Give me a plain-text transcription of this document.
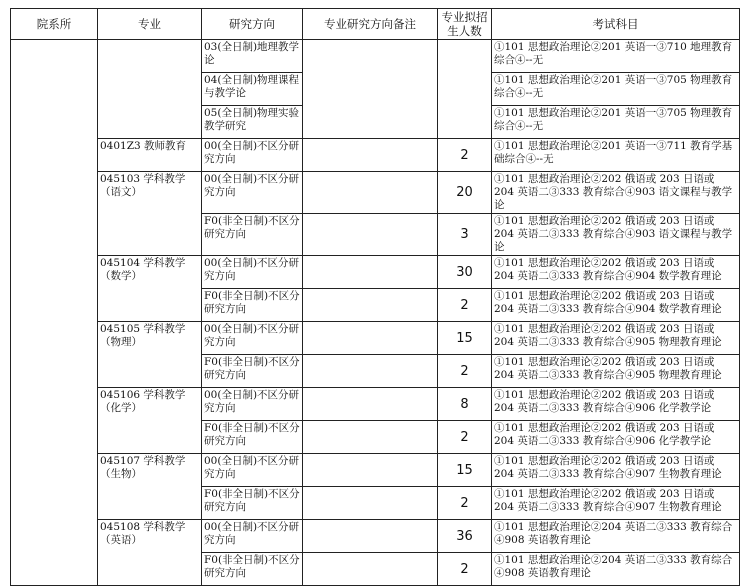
院系所	专业	研究方向	专业研究方向备注	专业拟招生人数	考试科目
		03(全日制)地理教学论			①101 思想政治理论②201 英语一③710 地理教育综合④--无
		04(全日制)物理课程与教学论			①101 思想政治理论②201 英语一③705 物理教育综合④--无
		05(全日制)物理实验教学研究			①101 思想政治理论②201 英语一③705 物理教育综合④--无
	0401Z3 教师教育	00(全日制)不区分研究方向		2	①101 思想政治理论②201 英语一③711 教育学基础综合④--无
	045103 学科教学（语文）	00(全日制)不区分研究方向		20	①101 思想政治理论②202 俄语或 203 日语或 204 英语二③333 教育综合④903 语文课程与教学论
		F0(非全日制)不区分研究方向		3	①101 思想政治理论②202 俄语或 203 日语或 204 英语二③333 教育综合④903 语文课程与教学论
	045104 学科教学（数学）	00(全日制)不区分研究方向		30	①101 思想政治理论②202 俄语或 203 日语或 204 英语二③333 教育综合④904 数学教育理论
		F0(非全日制)不区分研究方向		2	①101 思想政治理论②202 俄语或 203 日语或 204 英语二③333 教育综合④904 数学教育理论
	045105 学科教学（物理）	00(全日制)不区分研究方向		15	①101 思想政治理论②202 俄语或 203 日语或 204 英语二③333 教育综合④905 物理教育理论
		F0(非全日制)不区分研究方向		2	①101 思想政治理论②202 俄语或 203 日语或 204 英语二③333 教育综合④905 物理教育理论
	045106 学科教学（化学）	00(全日制)不区分研究方向		8	①101 思想政治理论②202 俄语或 203 日语或 204 英语二③333 教育综合④906 化学教学论
		F0(非全日制)不区分研究方向		2	①101 思想政治理论②202 俄语或 203 日语或 204 英语二③333 教育综合④906 化学教学论
	045107 学科教学（生物）	00(全日制)不区分研究方向		15	①101 思想政治理论②202 俄语或 203 日语或 204 英语二③333 教育综合④907 生物教育理论
		F0(非全日制)不区分研究方向		2	①101 思想政治理论②202 俄语或 203 日语或 204 英语二③333 教育综合④907 生物教育理论
	045108 学科教学（英语）	00(全日制)不区分研究方向		36	①101 思想政治理论②204 英语二③333 教育综合④908 英语教育理论
		F0(非全日制)不区分研究方向		2	①101 思想政治理论②204 英语二③333 教育综合④908 英语教育理论
